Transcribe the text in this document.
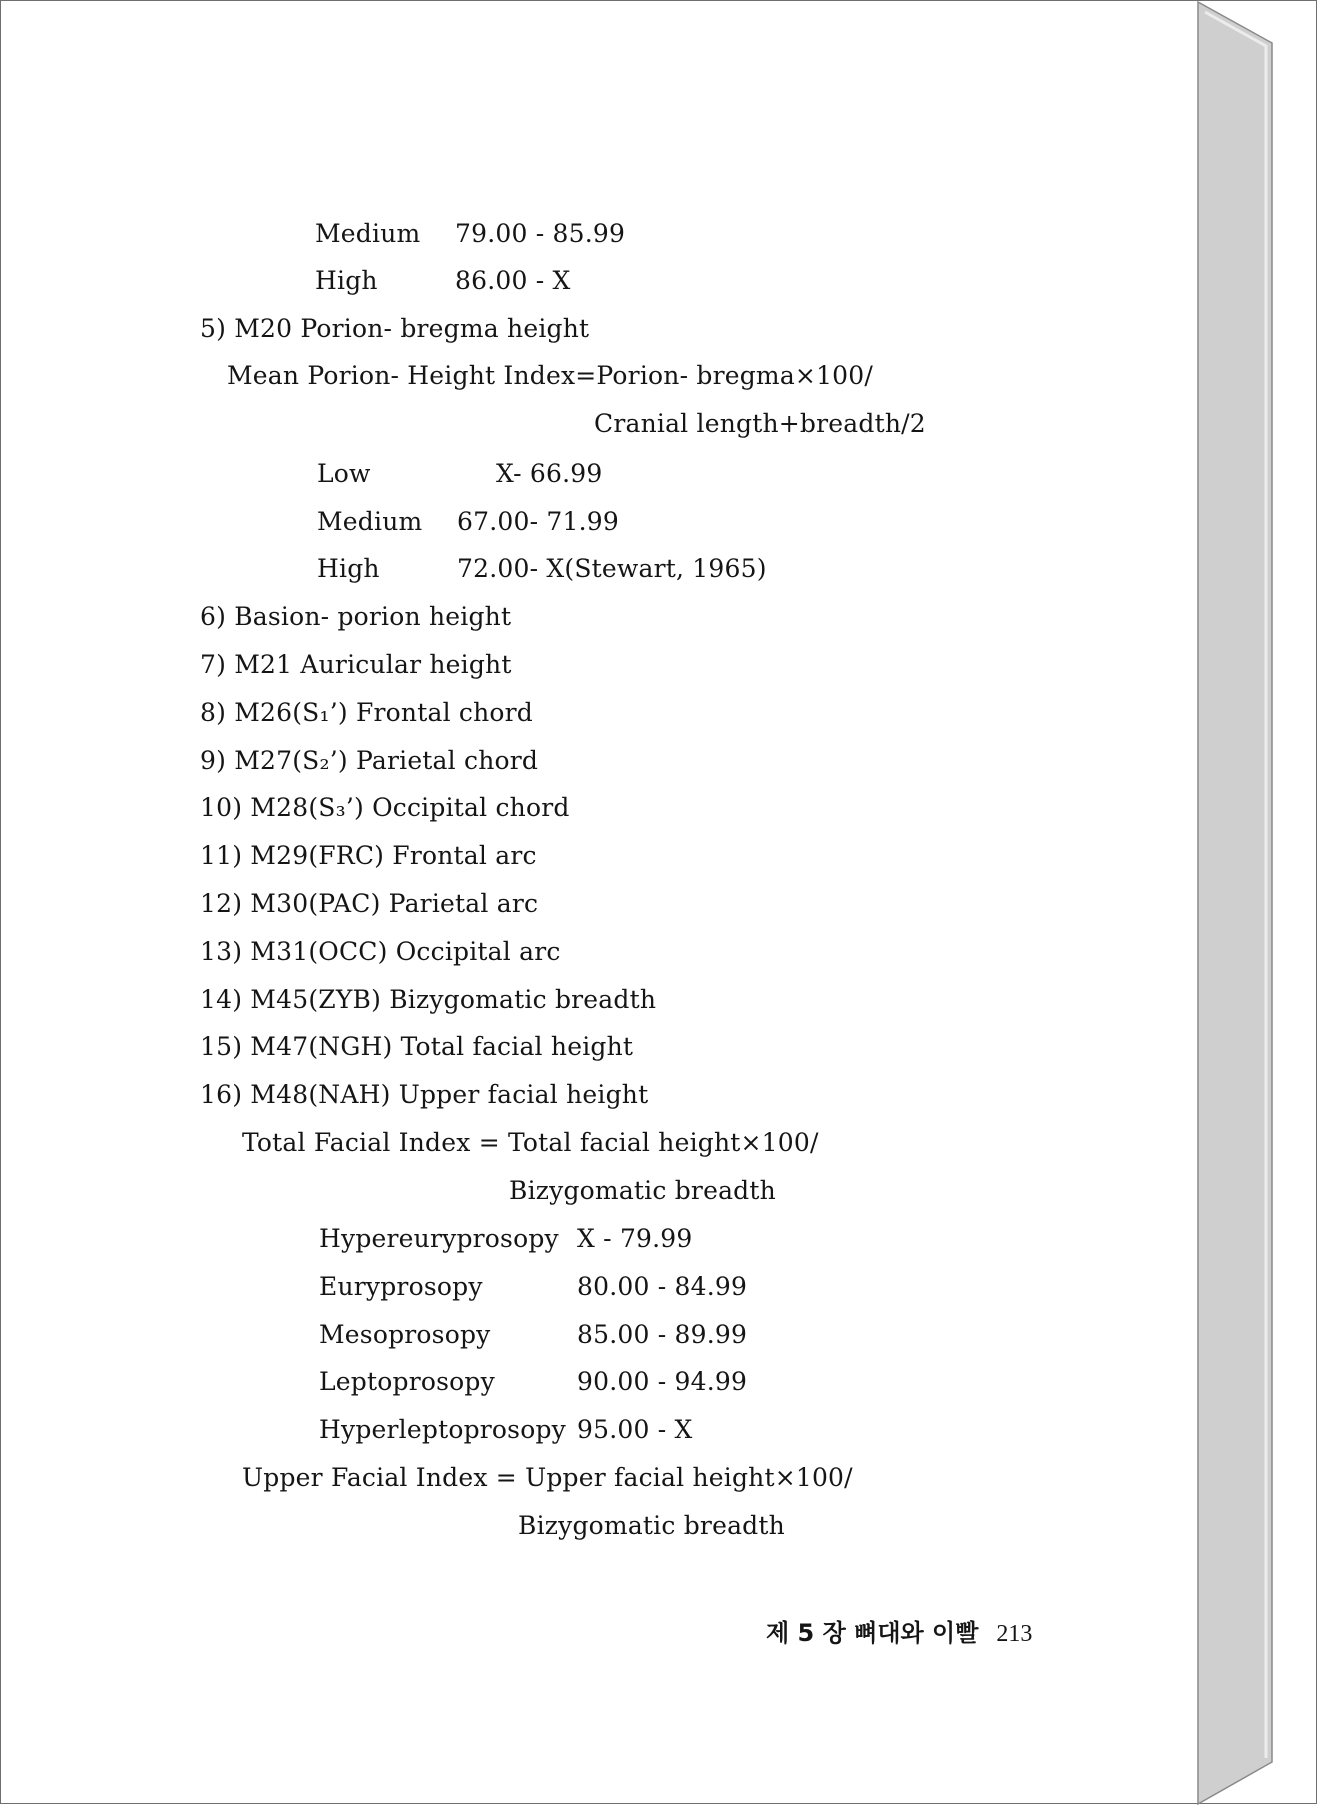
Medium 79.00 - 85.99
High	86.00 - X
5) M20 Porion- bregma height
Mean Porion- Height Index=Porion- bregma×100/
Cranial length+breadth/2
Low	X- 66.99
Medium 67.00- 71.99
High	72.00- X(Stewart, 1965)
6) Basion- porion height
7) M21 Auricular height
8) M26(S₁’) Frontal chord
9) M27(S₂’) Parietal chord
10) M28(S₃’) Occipital chord
11) M29(FRC) Frontal arc
12) M30(PAC) Parietal arc
13) M31(OCC) Occipital arc
14) M45(ZYB) Bizygomatic breadth
15) M47(NGH) Total facial height
16) M48(NAH) Upper facial height
Total Facial Index = Total facial height×100/
Bizygomatic breadth
Hypereuryprosopy X - 79.99
Euryprosopy	80.00 - 84.99
Mesoprosopy	85.00 - 89.99
Leptoprosopy	90.00 - 94.99
Hyperleptoprosopy 95.00 - X
Upper Facial Index = Upper facial height×100/
Bizygomatic breadth
제 5 장 뼈대와 이빨 213
